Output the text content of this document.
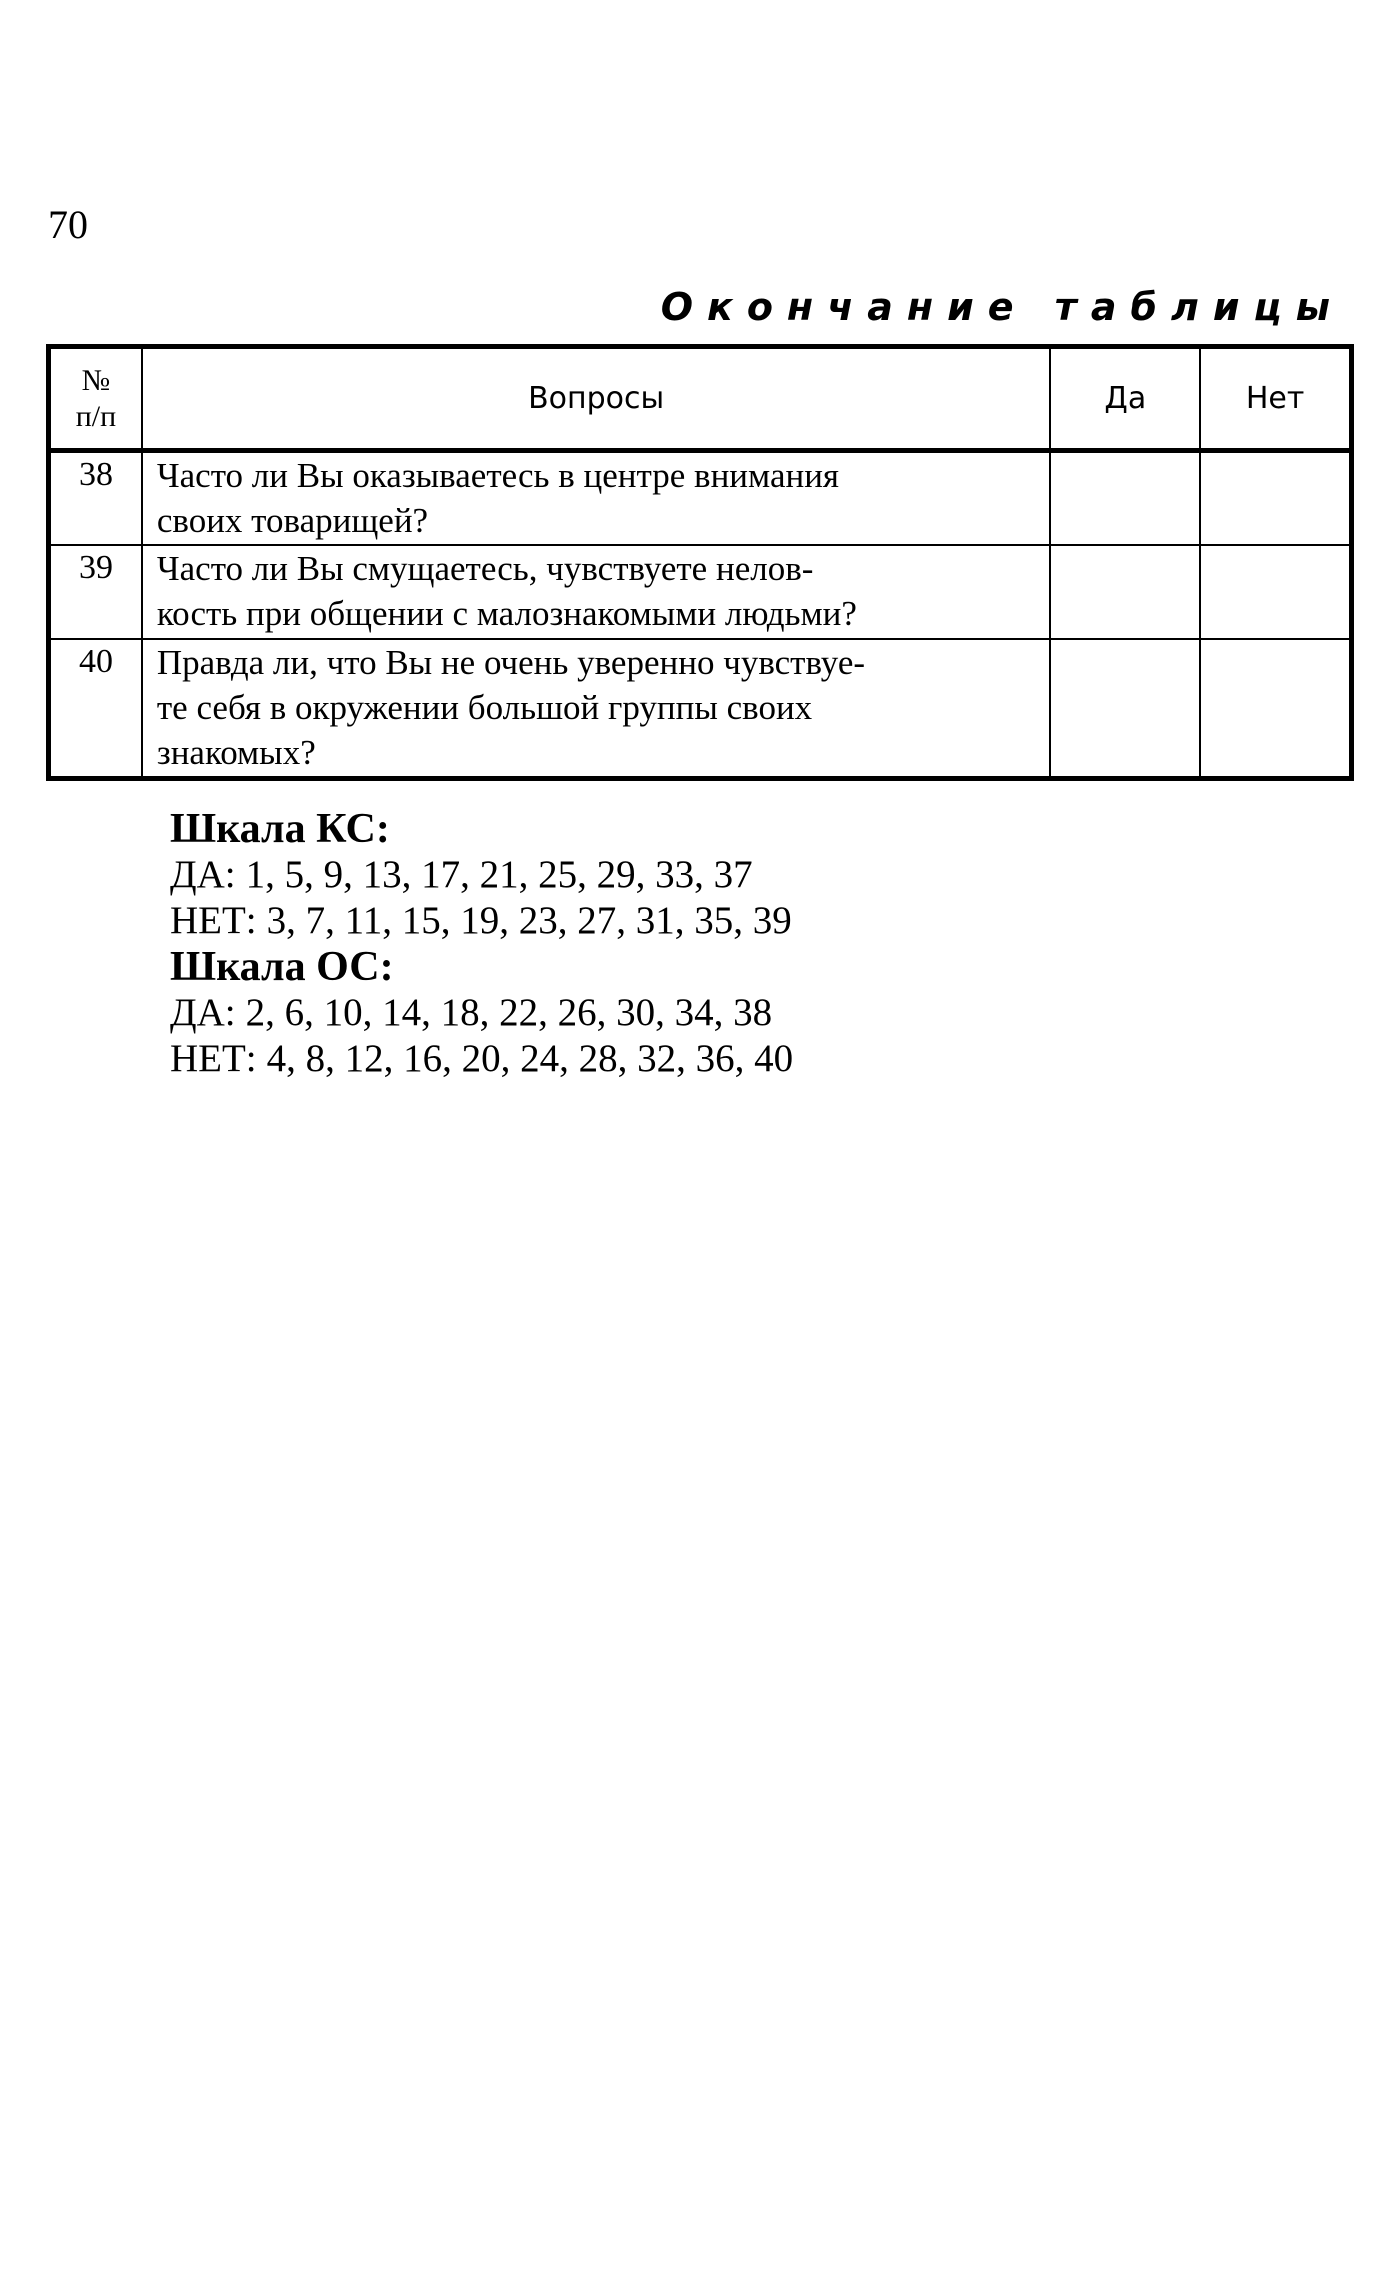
70
Окончание таблицы
№
п/п	Вопросы	Да	Нет
38	Часто ли Вы оказываетесь в центре внимания
своих товарищей?		
39	Часто ли Вы смущаетесь, чувствуете нелов-
кость при общении с малознакомыми людьми?		
40	Правда ли, что Вы не очень уверенно чувствуе-
те себя в окружении большой группы своих
знакомых?		
Шкала КС:
ДА: 1, 5, 9, 13, 17, 21, 25, 29, 33, 37
НЕТ: 3, 7, 11, 15, 19, 23, 27, 31, 35, 39
Шкала ОС:
ДА: 2, 6, 10, 14, 18, 22, 26, 30, 34, 38
НЕТ: 4, 8, 12, 16, 20, 24, 28, 32, 36, 40
